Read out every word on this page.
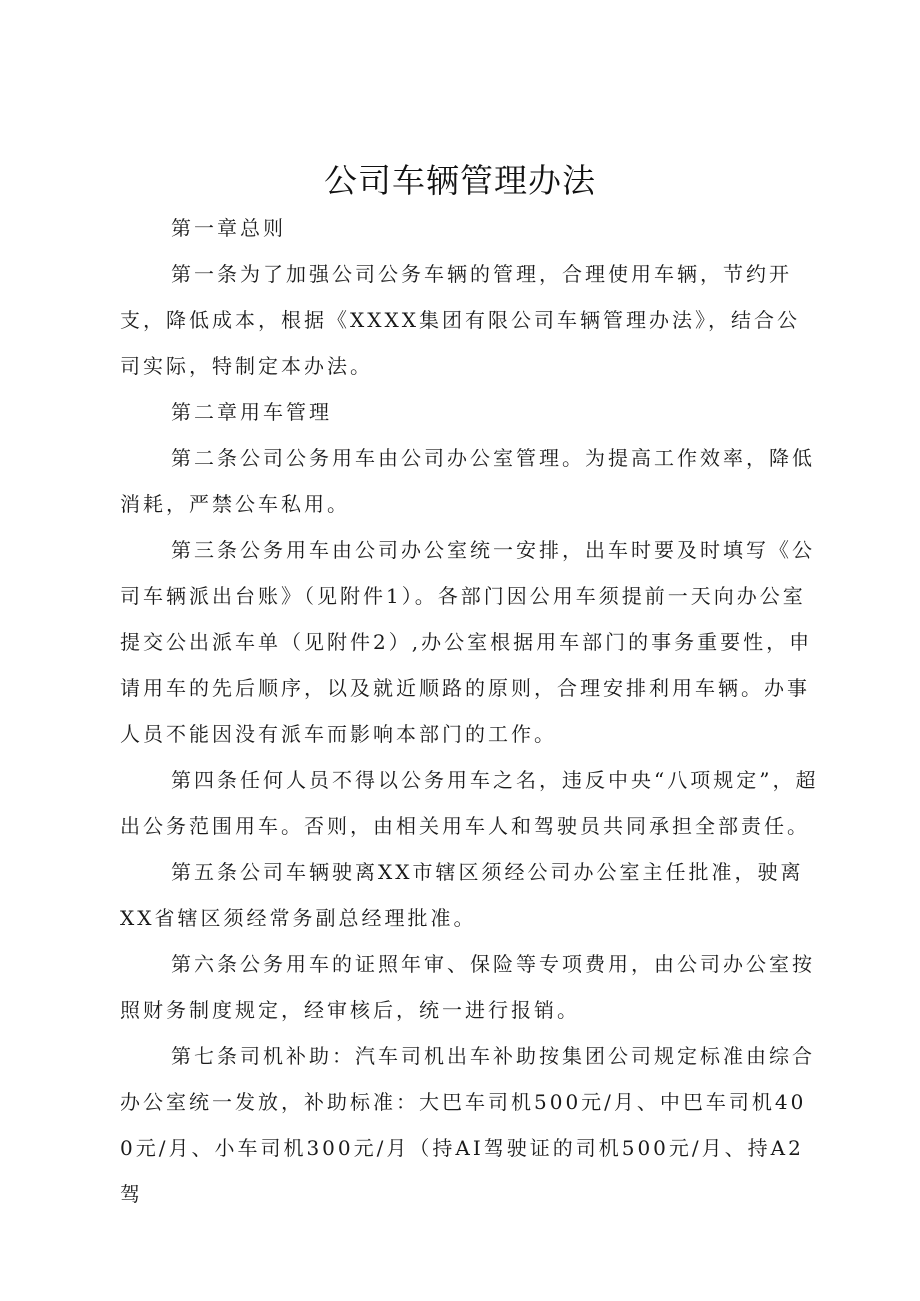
公司车辆管理办法

第一章总则

第一条为了加强公司公务车辆的管理，合理使用车辆，节约开支，降低成本，根据《XXXX集团有限公司车辆管理办法》，结合公司实际，特制定本办法。

第二章用车管理

第二条公司公务用车由公司办公室管理。为提高工作效率，降低消耗，严禁公车私用。

第三条公务用车由公司办公室统一安排，出车时要及时填写《公司车辆派出台账》（见附件1）。各部门因公用车须提前一天向办公室提交公出派车单（见附件2）,办公室根据用车部门的事务重要性，申请用车的先后顺序，以及就近顺路的原则，合理安排利用车辆。办事人员不能因没有派车而影响本部门的工作。

第四条任何人员不得以公务用车之名，违反中央“八项规定”，超出公务范围用车。否则，由相关用车人和驾驶员共同承担全部责任。

第五条公司车辆驶离XX市辖区须经公司办公室主任批准，驶离XX省辖区须经常务副总经理批准。

第六条公务用车的证照年审、保险等专项费用，由公司办公室按照财务制度规定，经审核后，统一进行报销。

第七条司机补助：汽车司机出车补助按集团公司规定标准由综合办公室统一发放，补助标准：大巴车司机500元/月、中巴车司机400元/月、小车司机300元/月（持AI驾驶证的司机500元/月、持A2驾
